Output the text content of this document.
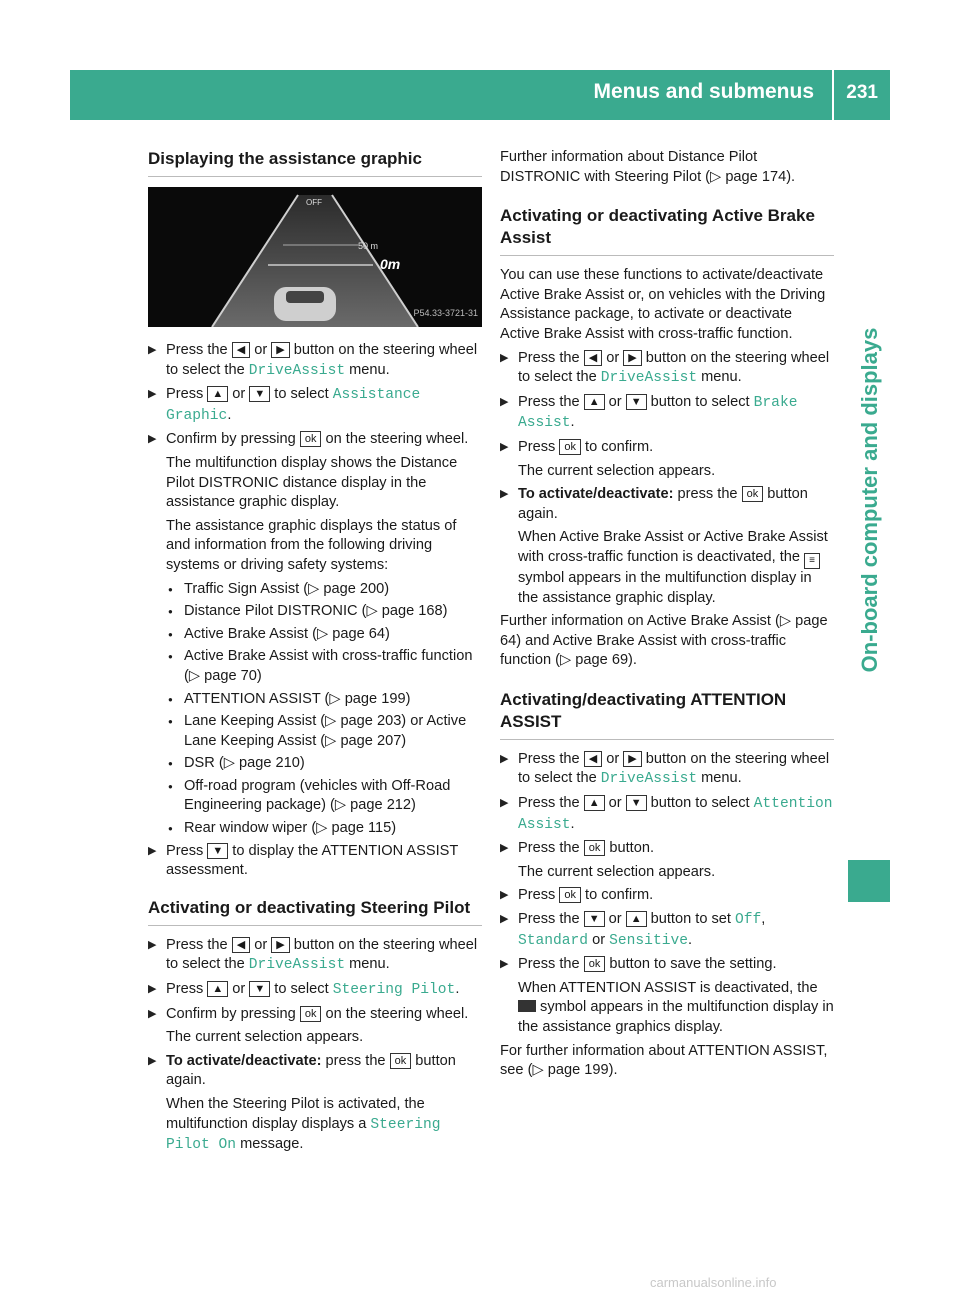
Menus and submenus 231
On-board computer and displays
Displaying the assistance graphic
OFF
50 m
0m
P54.33-3721-31
▶ Press the ◀ or ▶ button on the steering wheel to select the DriveAssist menu.
▶ Press ▲ or ▼ to select Assistance Graphic.
▶ Confirm by pressing ok on the steering wheel.

The multifunction display shows the Distance Pilot DISTRONIC distance display in the assistance graphic display.

The assistance graphic displays the status of and information from the following driving systems or driving safety systems:

● Traffic Sign Assist (▷ page 200)
● Distance Pilot DISTRONIC (▷ page 168)
● Active Brake Assist (▷ page 64)
● Active Brake Assist with cross-traffic function (▷ page 70)
● ATTENTION ASSIST (▷ page 199)
● Lane Keeping Assist (▷ page 203) or Active Lane Keeping Assist (▷ page 207)
● DSR (▷ page 210)
● Off-road program (vehicles with Off-Road Engineering package) (▷ page 212)
● Rear window wiper (▷ page 115)
▶ Press ▼ to display the ATTENTION ASSIST assessment.
Activating or deactivating Steering Pilot
▶ Press the ◀ or ▶ button on the steering wheel to select the DriveAssist menu.
▶ Press ▲ or ▼ to select Steering Pilot.
▶ Confirm by pressing ok on the steering wheel.

The current selection appears.

▶ To activate/deactivate: press the ok button again.

When the Steering Pilot is activated, the multifunction display displays a Steering Pilot On message.

Further information about Distance Pilot DISTRONIC with Steering Pilot (▷ page 174).

Activating or deactivating Active Brake Assist

You can use these functions to activate/deactivate Active Brake Assist or, on vehicles with the Driving Assistance package, to activate or deactivate Active Brake Assist with cross-traffic function.

▶ Press the ◀ or ▶ button on the steering wheel to select the DriveAssist menu.
▶ Press the ▲ or ▼ button to select Brake Assist.
▶ Press ok to confirm.

The current selection appears.

▶ To activate/deactivate: press the ok button again.

When Active Brake Assist or Active Brake Assist with cross-traffic function is deactivated, the ≡ symbol appears in the multifunction display in the assistance graphic display.

Further information on Active Brake Assist (▷ page 64) and Active Brake Assist with cross-traffic function (▷ page 69).

Activating/deactivating ATTENTION ASSIST
▶ Press the ◀ or ▶ button on the steering wheel to select the DriveAssist menu.
▶ Press the ▲ or ▼ button to select Attention Assist.
▶ Press the ok button.

The current selection appears.

▶ Press ok to confirm.
▶ Press the ▼ or ▲ button to set Off, Standard or Sensitive.
▶ Press the ok button to save the setting.

When ATTENTION ASSIST is deactivated, the  symbol appears in the multifunction display in the assistance graphics display.

For further information about ATTENTION ASSIST, see (▷ page 199).

carmanualsonline.info
